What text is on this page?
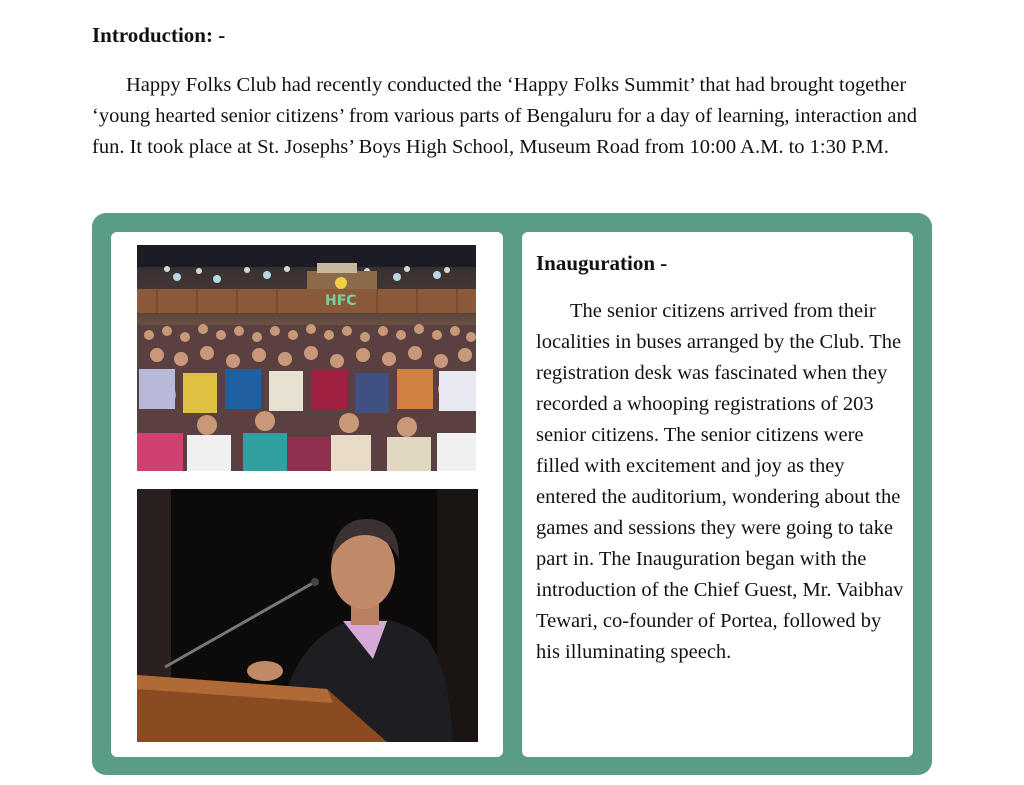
Introduction: -

Happy Folks Club had recently conducted the ‘Happy Folks Summit’ that had brought together ‘young hearted senior citizens’ from various parts of Bengaluru for a day of learning, interaction and fun. It took place at St. Josephs’ Boys High School, Museum Road from 10:00 A.M. to 1:30 P.M.

HFC
Inauguration -

The senior citizens arrived from their localities in buses arranged by the Club. The registration desk was fascinated when they recorded a whooping registrations of 203 senior citizens. The senior citizens were filled with excitement and joy as they entered the auditorium, wondering about the games and sessions they were going to take part in. The Inauguration began with the introduction of the Chief Guest, Mr. Vaibhav Tewari, co-founder of Portea, followed by his illuminating speech.
